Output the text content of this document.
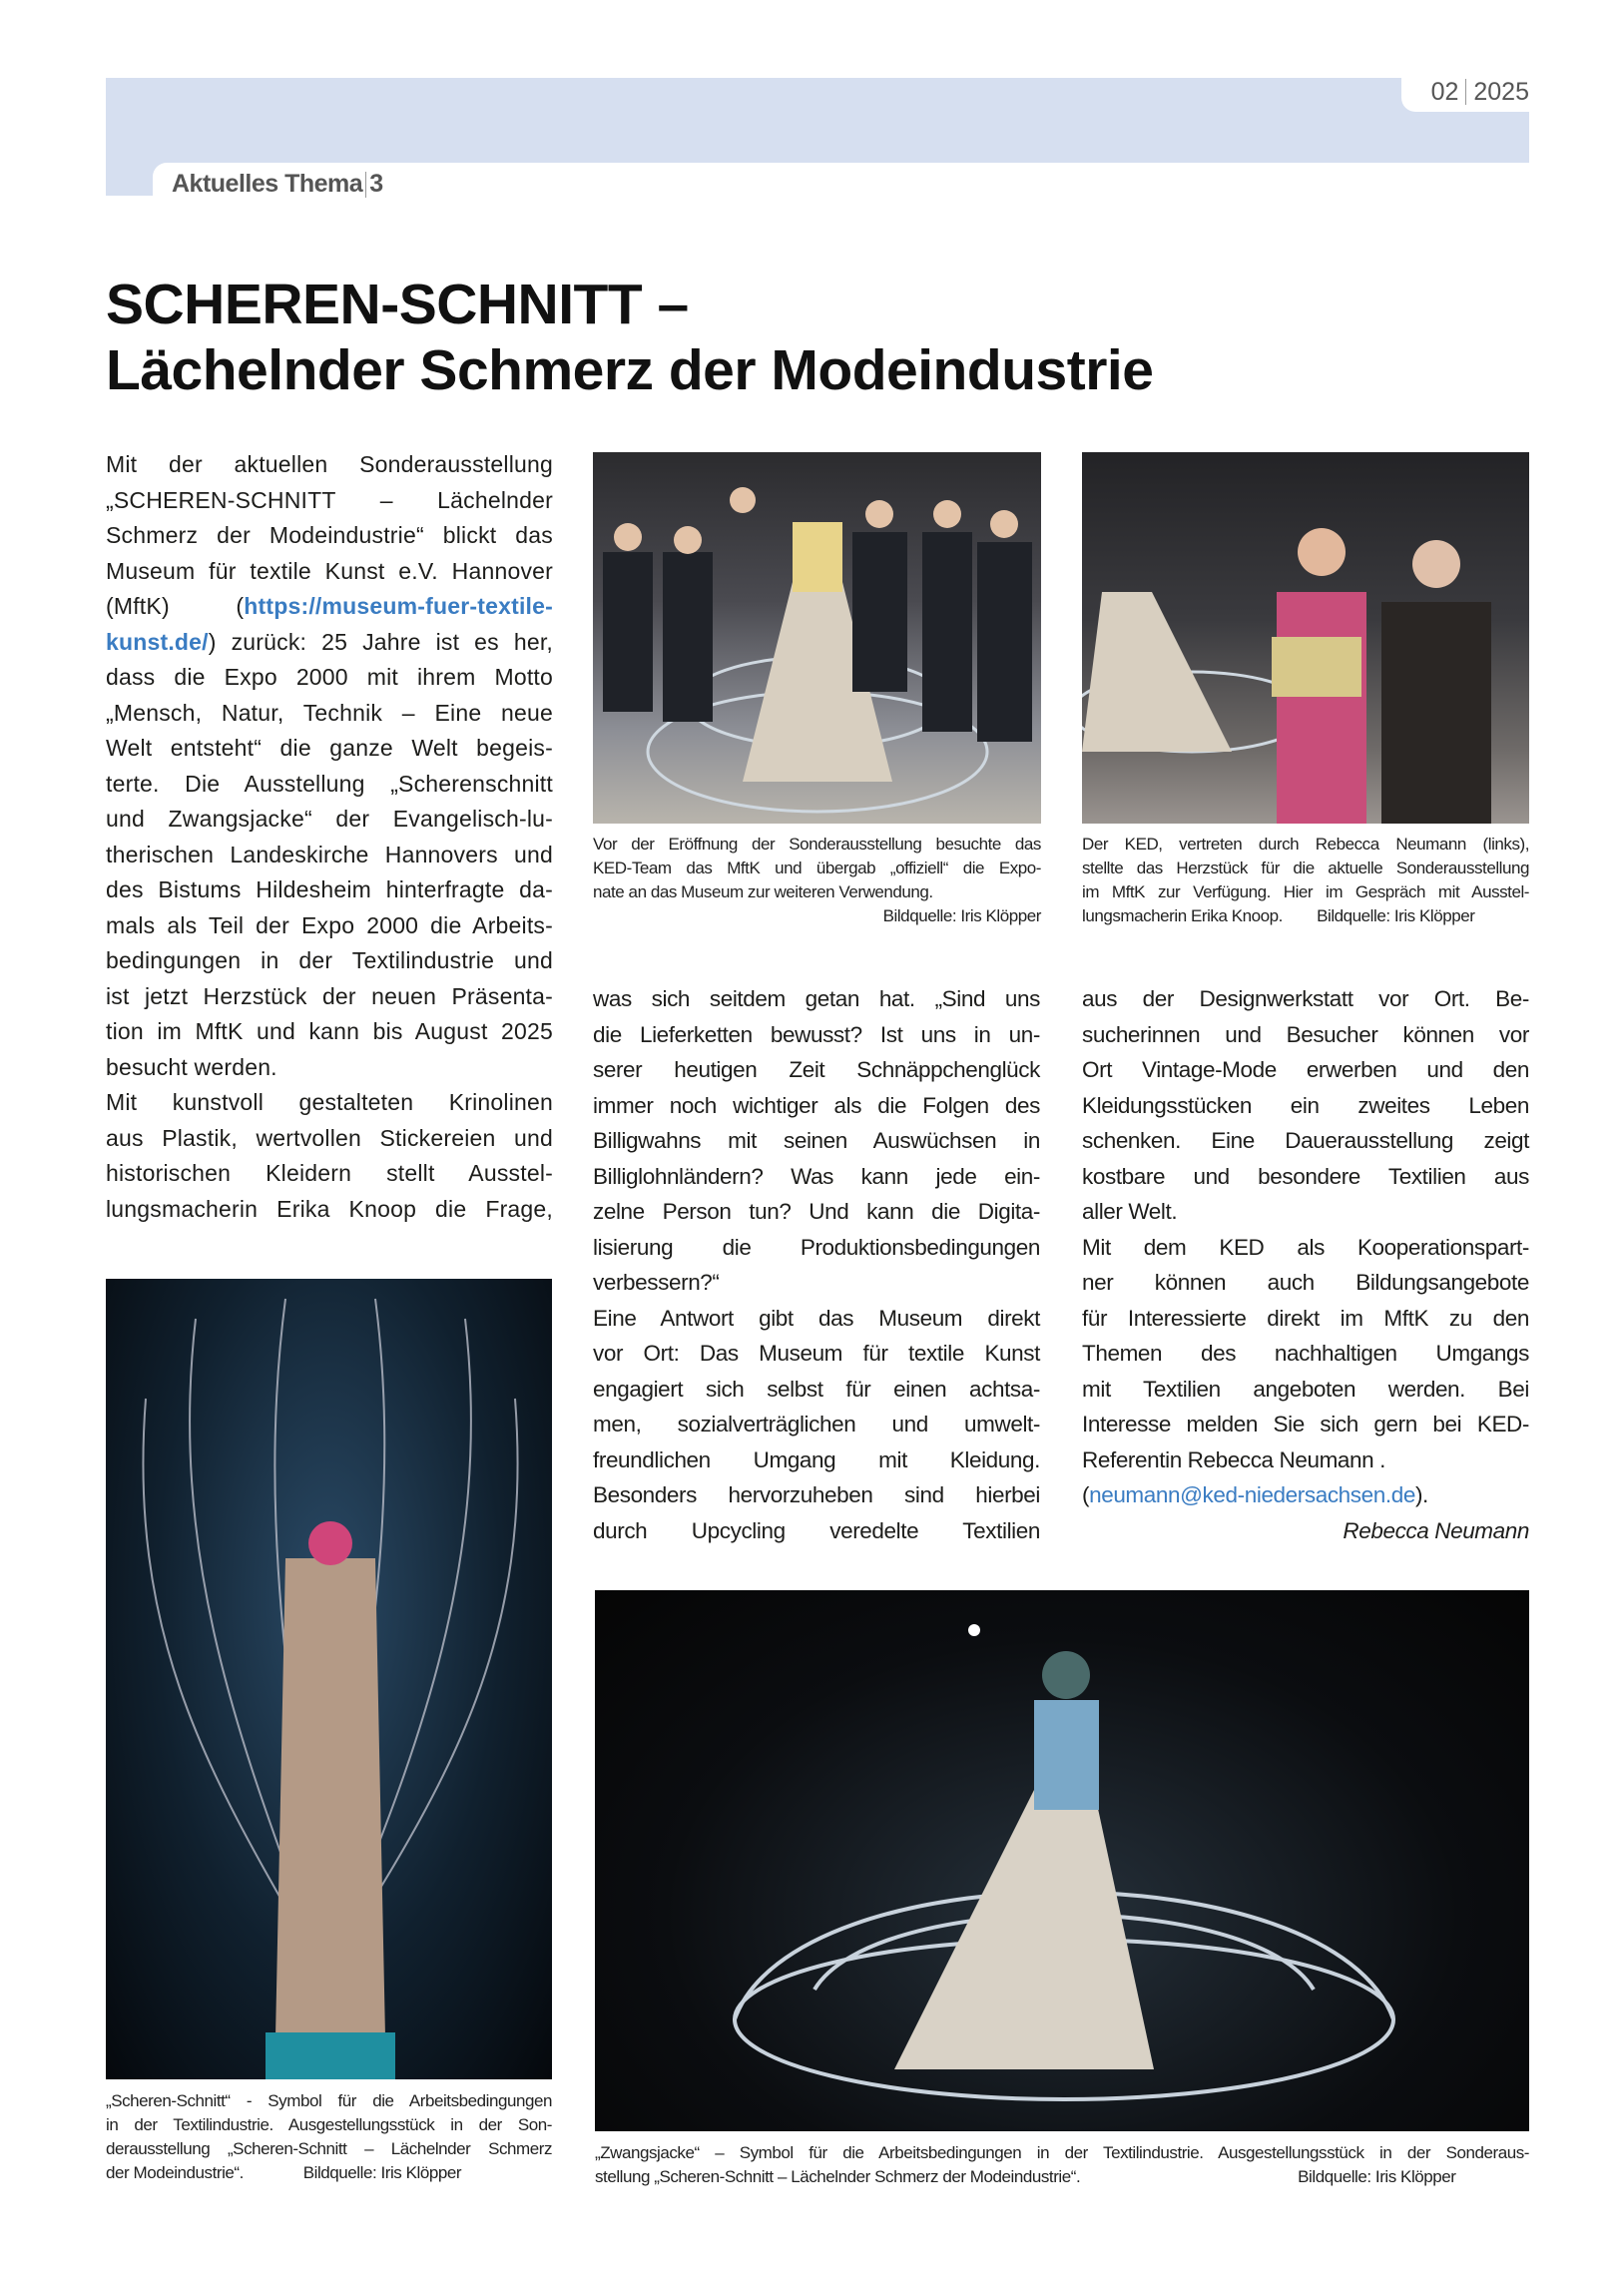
02 2025
Aktuelles Thema 3
SCHEREN-SCHNITT –
Lächelnder Schmerz der Modeindustrie
Mit der aktuellen Sonderausstellung
„SCHEREN-SCHNITT – Lächelnder
Schmerz der Modeindustrie“ blickt das
Museum für textile Kunst e.V. Hannover
(MftK) (https://museum-fuer-textile-
kunst.de/) zurück: 25 Jahre ist es her,
dass die Expo 2000 mit ihrem Motto
„Mensch, Natur, Technik – Eine neue
Welt entsteht“ die ganze Welt begeis-
terte. Die Ausstellung „Scherenschnitt
und Zwangsjacke“ der Evangelisch-lu-
therischen Landeskirche Hannovers und
des Bistums Hildesheim hinterfragte da-
mals als Teil der Expo 2000 die Arbeits-
bedingungen in der Textilindustrie und
ist jetzt Herzstück der neuen Präsenta-
tion im MftK und kann bis August 2025
besucht werden.
Mit kunstvoll gestalteten Krinolinen
aus Plastik, wertvollen Stickereien und
historischen Kleidern stellt Ausstel-
lungsmacherin Erika Knoop die Frage,
was sich seitdem getan hat. „Sind uns
die Lieferketten bewusst? Ist uns in un-
serer heutigen Zeit Schnäppchenglück
immer noch wichtiger als die Folgen des
Billigwahns mit seinen Auswüchsen in
Billiglohnländern? Was kann jede ein-
zelne Person tun? Und kann die Digita-
lisierung die Produktionsbedingungen
verbessern?“
Eine Antwort gibt das Museum direkt
vor Ort: Das Museum für textile Kunst
engagiert sich selbst für einen achtsa-
men, sozialverträglichen und umwelt-
freundlichen Umgang mit Kleidung.
Besonders hervorzuheben sind hierbei
durch Upcycling veredelte Textilien
aus der Designwerkstatt vor Ort. Be-
sucherinnen und Besucher können vor
Ort Vintage-Mode erwerben und den
Kleidungsstücken ein zweites Leben
schenken. Eine Dauerausstellung zeigt
kostbare und besondere Textilien aus
aller Welt.
Mit dem KED als Kooperationspart-
ner können auch Bildungsangebote
für Interessierte direkt im MftK zu den
Themen des nachhaltigen Umgangs
mit Textilien angeboten werden. Bei
Interesse melden Sie sich gern bei KED-
Referentin Rebecca Neumann .
(neumann@ked-niedersachsen.de).
Rebecca Neumann
Vor der Eröffnung der Sonderausstellung besuchte das
KED-Team das MftK und übergab „offiziell“ die Expo-
nate an das Museum zur weiteren Verwendung.
Bildquelle: Iris Klöpper
Der KED, vertreten durch Rebecca Neumann (links),
stellte das Herzstück für die aktuelle Sonderausstellung
im MftK zur Verfügung. Hier im Gespräch mit Ausstel-
lungsmacherin Erika Knoop.        Bildquelle: Iris Klöpper
„Scheren-Schnitt“ - Symbol für die Arbeitsbedingungen
in der Textilindustrie. Ausgestellungsstück in der Son-
derausstellung „Scheren-Schnitt – Lächelnder Schmerz
der Modeindustrie“.              Bildquelle: Iris Klöpper
„Zwangsjacke“ – Symbol für die Arbeitsbedingungen in der Textilindustrie. Ausgestellungsstück in der Sonderaus-
stellung „Scheren-Schnitt – Lächelnder Schmerz der Modeindustrie“.                                                   Bildquelle: Iris Klöpper
